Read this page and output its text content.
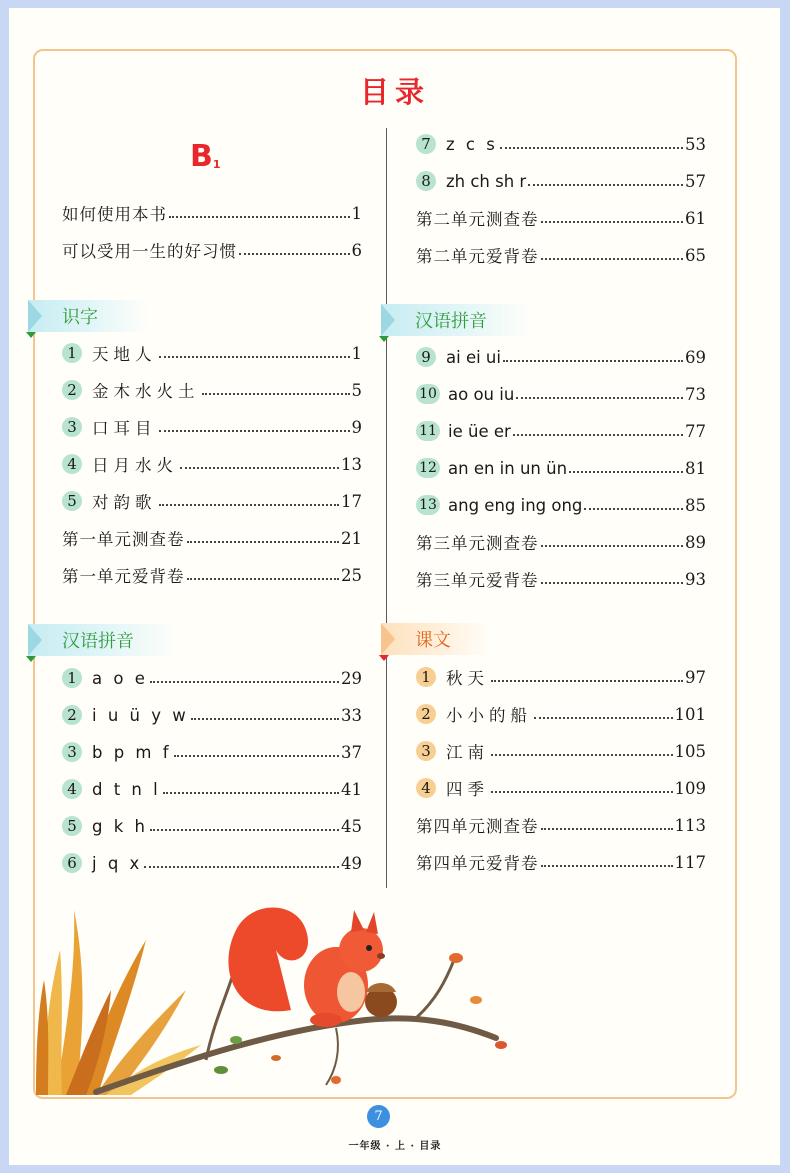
目录
$B_1$
如何使用本书	1
可以受用一生的好习惯	6
识字
1 天地人	1
2 金木水火土	5
3 口耳目	9
4 日月水火	13
5 对韵歌	17
第一单元测查卷	21
第一单元爱背卷	25
汉语拼音
1 a o e	29
2 i u ü y w	33
3 b p m f	37
4 d t n l	41
5 g k h	45
6 j q x	49
7 z c s	53
8 zh ch sh r	57
第二单元测查卷	61
第二单元爱背卷	65
汉语拼音
9 ai ei ui	69
10 ao ou iu	73
11 ie üe er	77
12 an en in un ün	81
13 ang eng ing ong	85
第三单元测查卷	89
第三单元爱背卷	93
课文
1 秋天	97
2 小小的船	101
3 江南	105
4 四季	109
第四单元测查卷	113
第四单元爱背卷	117
7
一年级 · 上 · 目录
